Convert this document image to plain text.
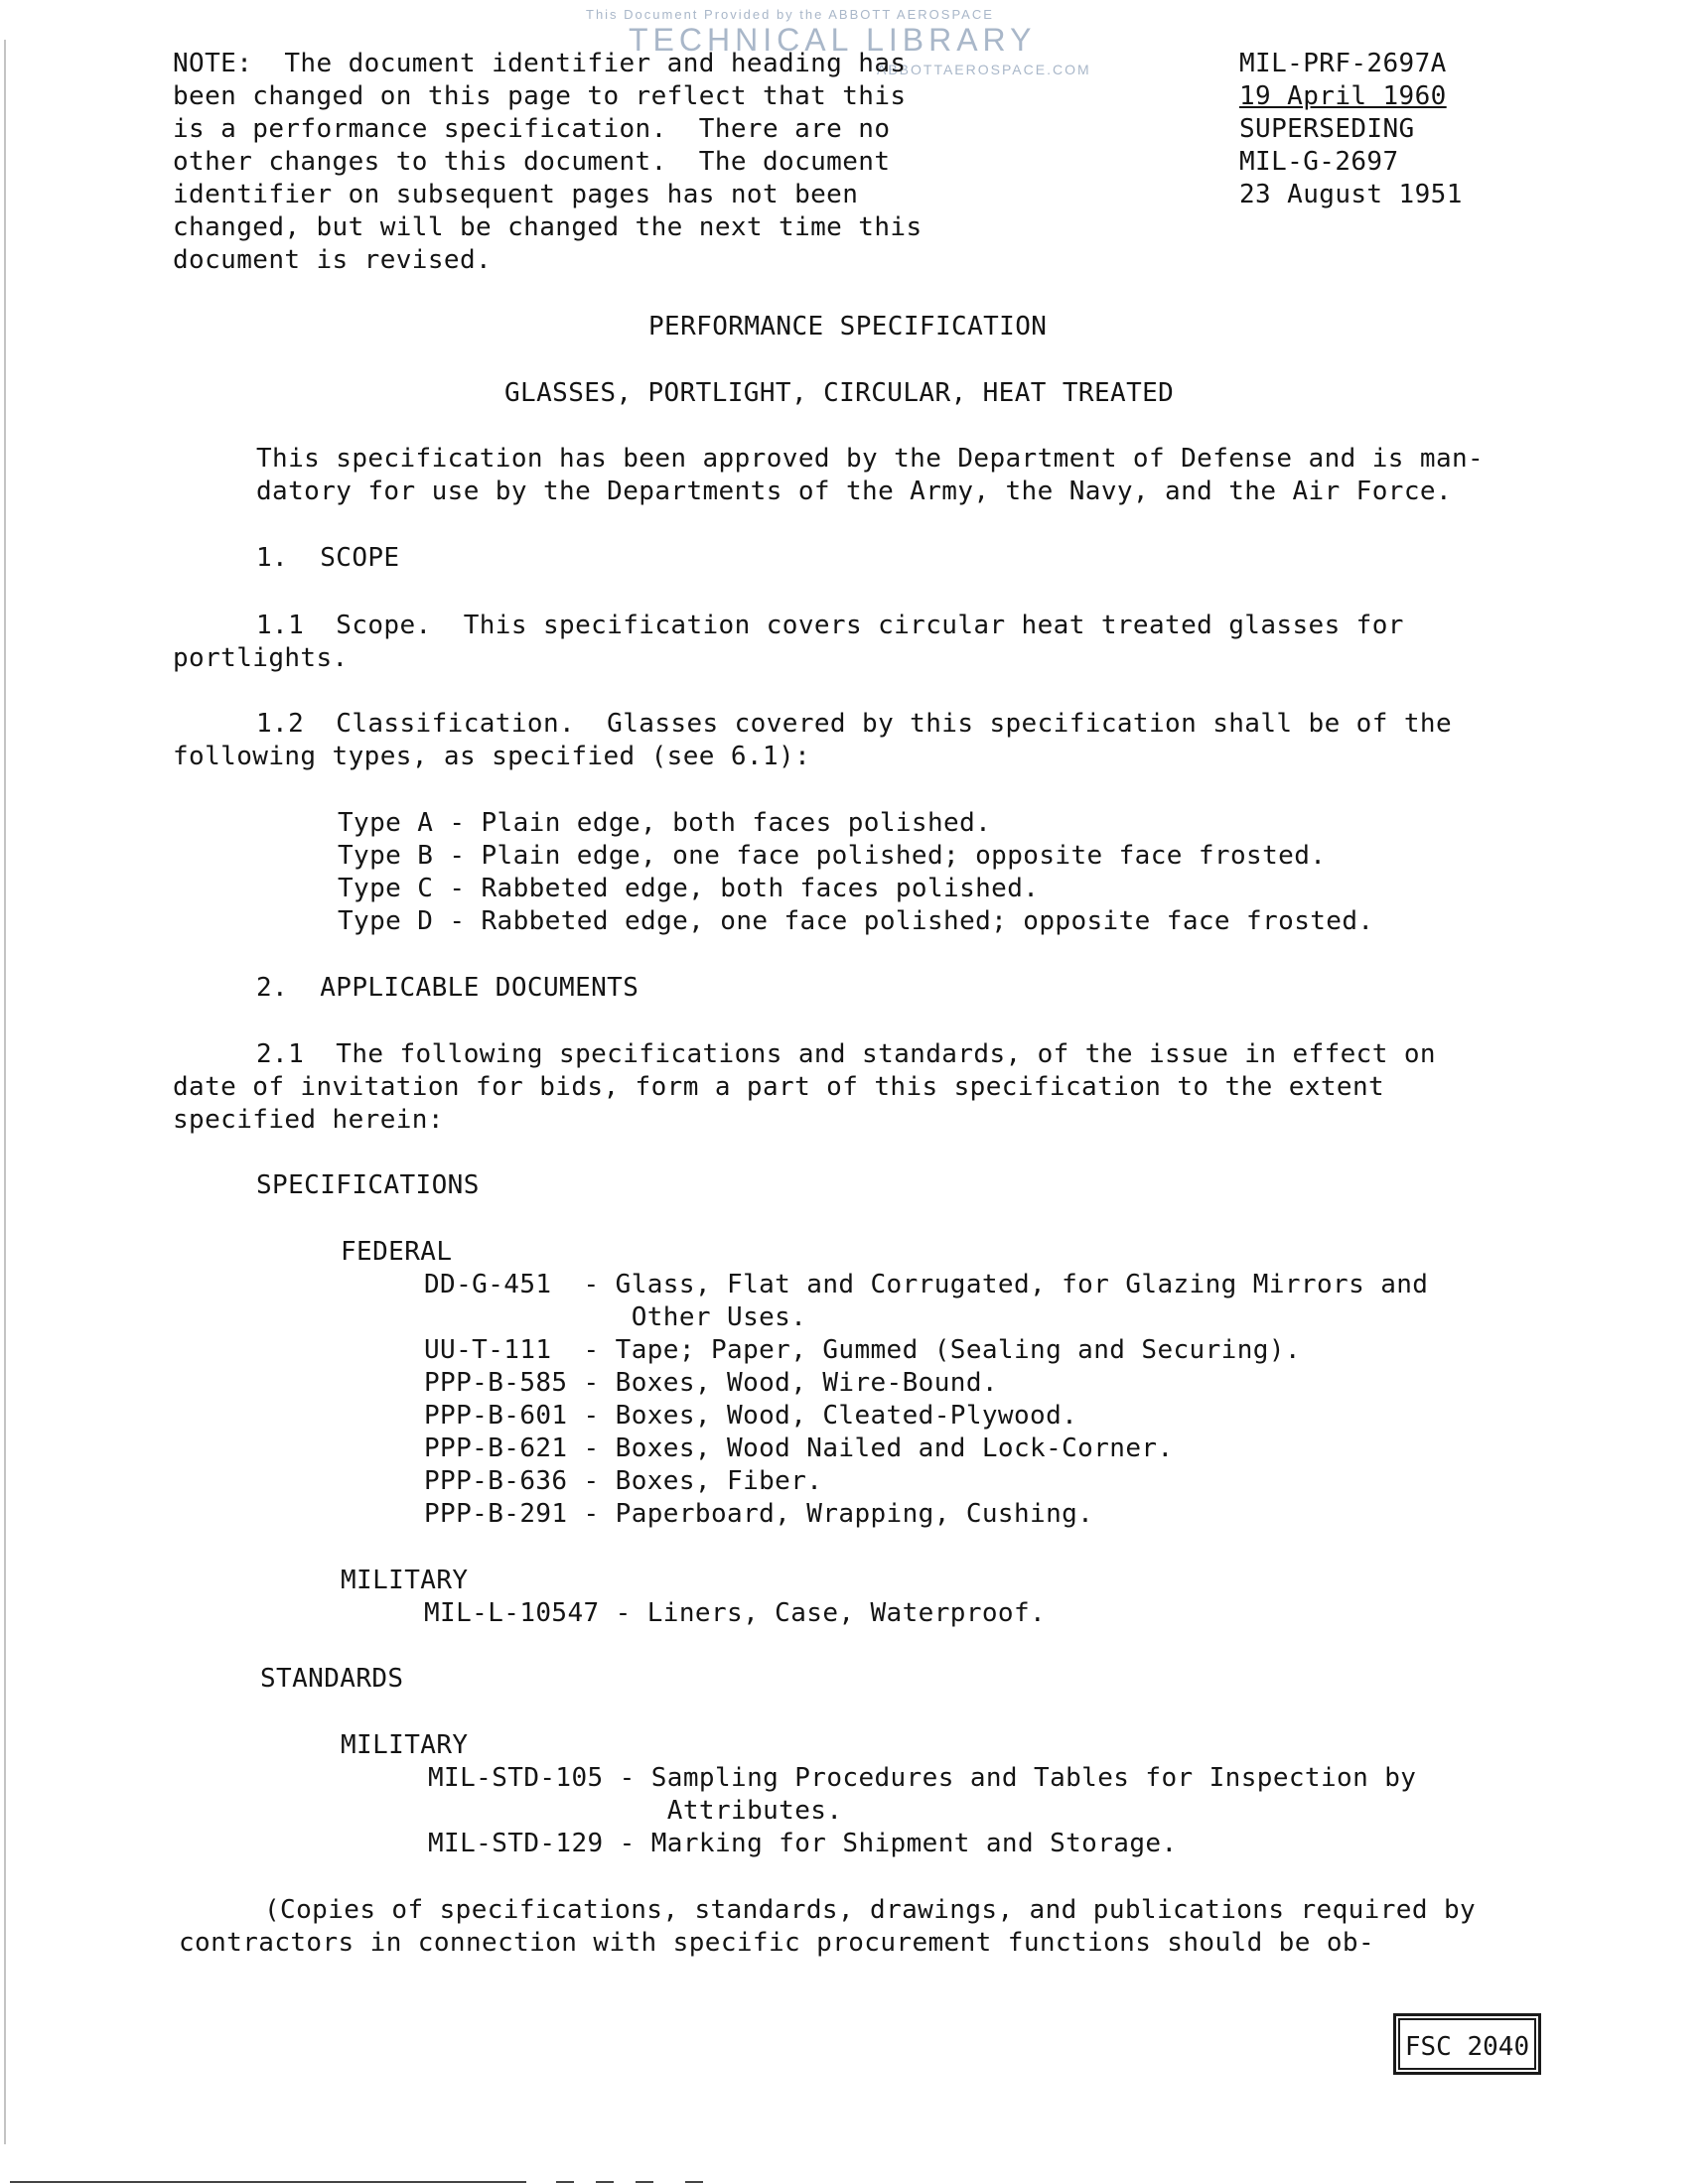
This Document Provided by the ABBOTT AEROSPACE
TECHNICAL LIBRARY
ABBOTTAEROSPACE.COM
NOTE:  The document identifier and heading has
been changed on this page to reflect that this
is a performance specification.  There are no
other changes to this document.  The document
identifier on subsequent pages has not been
changed, but will be changed the next time this
document is revised.
MIL-PRF-2697A
19 April 1960
SUPERSEDING
MIL-G-2697
23 August 1951
PERFORMANCE SPECIFICATION
GLASSES, PORTLIGHT, CIRCULAR, HEAT TREATED
This specification has been approved by the Department of Defense and is man-
datory for use by the Departments of the Army, the Navy, and the Air Force.
1.  SCOPE
1.1  Scope.  This specification covers circular heat treated glasses for
portlights.
1.2  Classification.  Glasses covered by this specification shall be of the
following types, as specified (see 6.1):
Type A - Plain edge, both faces polished.
Type B - Plain edge, one face polished; opposite face frosted.
Type C - Rabbeted edge, both faces polished.
Type D - Rabbeted edge, one face polished; opposite face frosted.
2.  APPLICABLE DOCUMENTS
2.1  The following specifications and standards, of the issue in effect on
date of invitation for bids, form a part of this specification to the extent
specified herein:
SPECIFICATIONS
FEDERAL
DD-G-451  - Glass, Flat and Corrugated, for Glazing Mirrors and
Other Uses.
UU-T-111  - Tape; Paper, Gummed (Sealing and Securing).
PPP-B-585 - Boxes, Wood, Wire-Bound.
PPP-B-601 - Boxes, Wood, Cleated-Plywood.
PPP-B-621 - Boxes, Wood Nailed and Lock-Corner.
PPP-B-636 - Boxes, Fiber.
PPP-B-291 - Paperboard, Wrapping, Cushing.
MILITARY
MIL-L-10547 - Liners, Case, Waterproof.
STANDARDS
MILITARY
MIL-STD-105 - Sampling Procedures and Tables for Inspection by
Attributes.
MIL-STD-129 - Marking for Shipment and Storage.
(Copies of specifications, standards, drawings, and publications required by
contractors in connection with specific procurement functions should be ob-
FSC 2040
